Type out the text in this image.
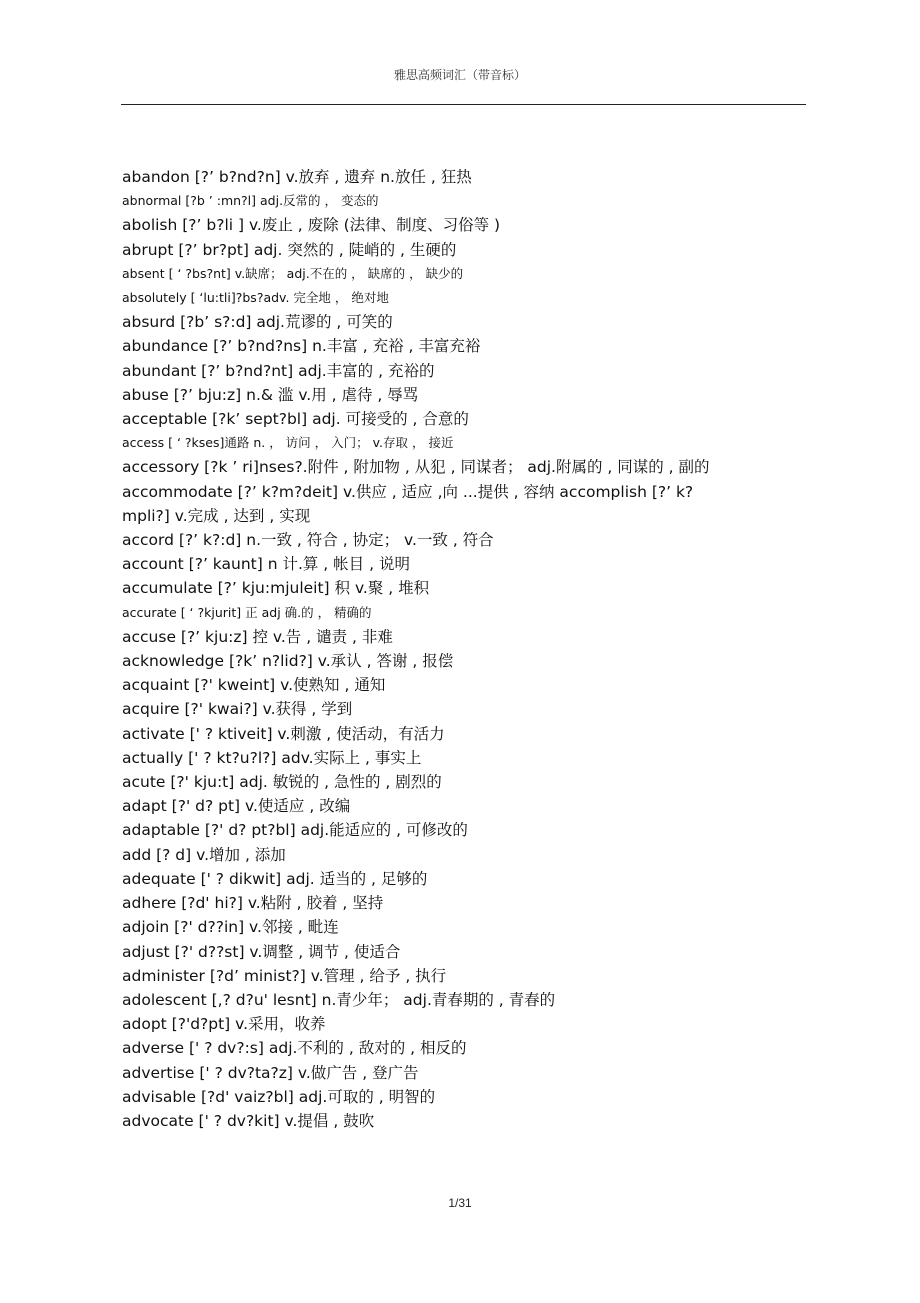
雅思高频词汇（带音标）
abandon [?’ b?nd?n] v.放弃 , 遗弃 n.放任 , 狂热
abnormal [?b ’ :mn?l] adj.反常的 ， 变态的
abolish [?’ b?li ] v.废止 , 废除 (法律、制度、习俗等 )
abrupt [?’ br?pt] adj. 突然的 , 陡峭的 , 生硬的
absent [ ‘ ?bs?nt] v.缺席； adj.不在的 ， 缺席的 ， 缺少的
absolutely [ ‘lu:tli]?bs?adv. 完全地 ， 绝对地
absurd [?b’ s?:d] adj.荒谬的 , 可笑的
abundance [?’ b?nd?ns] n.丰富 , 充裕 , 丰富充裕
abundant [?’ b?nd?nt] adj.丰富的 , 充裕的
abuse [?’ bju:z] n.& 滥 v.用 , 虐待 , 辱骂
acceptable [?k’ sept?bl] adj. 可接受的 , 合意的
access [ ‘ ?kses]通路 n. ， 访问 ， 入门； v.存取 ， 接近
accessory [?k ’ ri]nses?.附件 , 附加物 , 从犯 , 同谋者； adj.附属的 , 同谋的 , 副的 accommodate [?’ k?m?deit] v.供应 , 适应 ,向 ...提供 , 容纳 accomplish [?’ k?mpli?] v.完成 , 达到 , 实现
accord [?’ k?:d] n.一致 , 符合 , 协定； v.一致 , 符合
account [?’ kaunt] n 计.算 , 帐目 , 说明
accumulate [?’ kju:mjuleit] 积 v.聚 , 堆积
accurate [ ‘ ?kjurit] 正 adj 确.的 ， 精确的
accuse [?’ kju:z] 控 v.告 , 谴责 , 非难
acknowledge [?k’ n?lid?] v.承认 , 答谢 , 报偿
acquaint [?' kweint] v.使熟知 , 通知
acquire [?' kwai?] v.获得 , 学到
activate [' ? ktiveit] v.刺激 , 使活动，有活力
actually [' ? kt?u?l?] adv.实际上 , 事实上
acute [?' kju:t] adj. 敏锐的 , 急性的 , 剧烈的
adapt [?' d? pt] v.使适应 , 改编
adaptable [?' d? pt?bl] adj.能适应的 , 可修改的
add [? d] v.增加 , 添加
adequate [' ? dikwit] adj. 适当的 , 足够的
adhere [?d' hi?] v.粘附 , 胶着 , 坚持
adjoin [?' d??in] v.邻接 , 毗连
adjust [?' d??st] v.调整 , 调节 , 使适合
administer [?d’ minist?] v.管理 , 给予 , 执行
adolescent [,? d?u' lesnt] n.青少年； adj.青春期的 , 青春的
adopt [?'d?pt] v.采用，收养
adverse [' ? dv?:s] adj.不利的 , 敌对的 , 相反的
advertise [' ? dv?ta?z] v.做广告 , 登广告
advisable [?d' vaiz?bl] adj.可取的 , 明智的
advocate [' ? dv?kit] v.提倡 , 鼓吹
1/31
